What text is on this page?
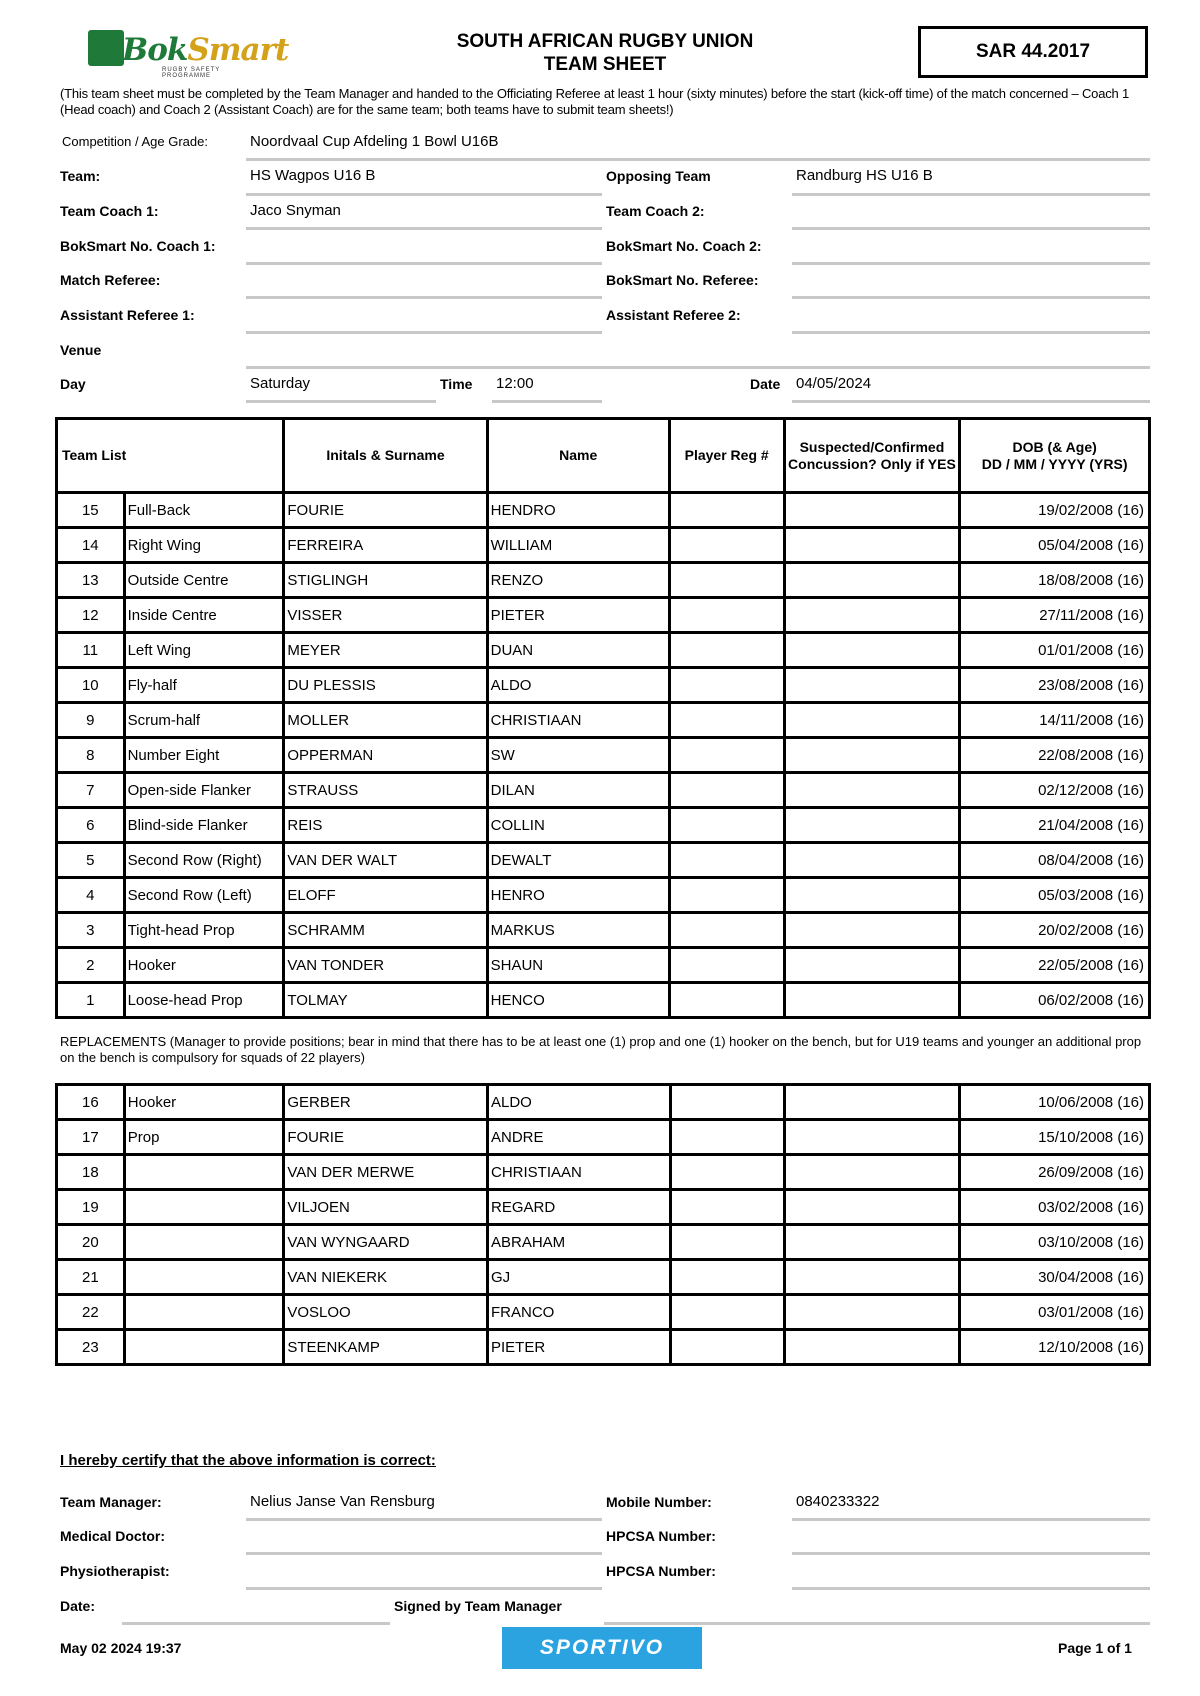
BokSmart
RUGBY SAFETY PROGRAMME
SOUTH AFRICAN RUGBY UNION
TEAM SHEET
SAR 44.2017
(This team sheet must be completed by the Team Manager and handed to the Officiating Referee at least 1 hour (sixty minutes) before the start (kick-off time) of the match concerned – Coach 1 (Head coach) and Coach 2 (Assistant Coach) are for the same team; both teams have to submit team sheets!)
Competition / Age Grade:	Noordvaal Cup Afdeling 1 Bowl U16B
Team:	HS Wagpos U16 B	Opposing Team	Randburg HS U16 B
Team Coach 1:	Jaco Snyman	Team Coach 2:
BokSmart No. Coach 1:	BokSmart No. Coach 2:
Match Referee:	BokSmart No. Referee:
Assistant Referee 1:	Assistant Referee 2:
Venue
Day	Saturday	Time 12:00	Date 04/05/2024
Team List		Initals & Surname	Name	Player Reg #	Suspected/Confirmed Concussion? Only if YES	DOB (& Age)
DD / MM / YYYY (YRS)

15	Full-Back	FOURIE	HENDRO			19/02/2008 (16)
14	Right Wing	FERREIRA	WILLIAM			05/04/2008 (16)
13	Outside Centre	STIGLINGH	RENZO			18/08/2008 (16)
12	Inside Centre	VISSER	PIETER			27/11/2008 (16)
11	Left Wing	MEYER	DUAN			01/01/2008 (16)
10	Fly-half	DU PLESSIS	ALDO			23/08/2008 (16)
9	Scrum-half	MOLLER	CHRISTIAAN			14/11/2008 (16)
8	Number Eight	OPPERMAN	SW			22/08/2008 (16)
7	Open-side Flanker	STRAUSS	DILAN			02/12/2008 (16)
6	Blind-side Flanker	REIS	COLLIN			21/04/2008 (16)
5	Second Row (Right)	VAN DER WALT	DEWALT			08/04/2008 (16)
4	Second Row (Left)	ELOFF	HENRO			05/03/2008 (16)
3	Tight-head Prop	SCHRAMM	MARKUS			20/02/2008 (16)
2	Hooker	VAN TONDER	SHAUN			22/05/2008 (16)
1	Loose-head Prop	TOLMAY	HENCO			06/02/2008 (16)
REPLACEMENTS (Manager to provide positions; bear in mind that there has to be at least one (1) prop and one (1) hooker on the bench, but for U19 teams and younger an additional prop on the bench is compulsory for squads of 22 players)
16	Hooker	GERBER	ALDO			10/06/2008 (16)
17	Prop	FOURIE	ANDRE			15/10/2008 (16)
18		VAN DER MERWE	CHRISTIAAN			26/09/2008 (16)
19		VILJOEN	REGARD			03/02/2008 (16)
20		VAN WYNGAARD	ABRAHAM			03/10/2008 (16)
21		VAN NIEKERK	GJ			30/04/2008 (16)
22		VOSLOO	FRANCO			03/01/2008 (16)
23		STEENKAMP	PIETER			12/10/2008 (16)
I hereby certify that the above information is correct:
Team Manager:	Nelius Janse Van Rensburg	Mobile Number:	0840233322
Medical Doctor:	HPCSA Number:
Physiotherapist:	HPCSA Number:
Date:	Signed by Team Manager
May 02 2024 19:37	SPORTIVO	Page 1 of 1
